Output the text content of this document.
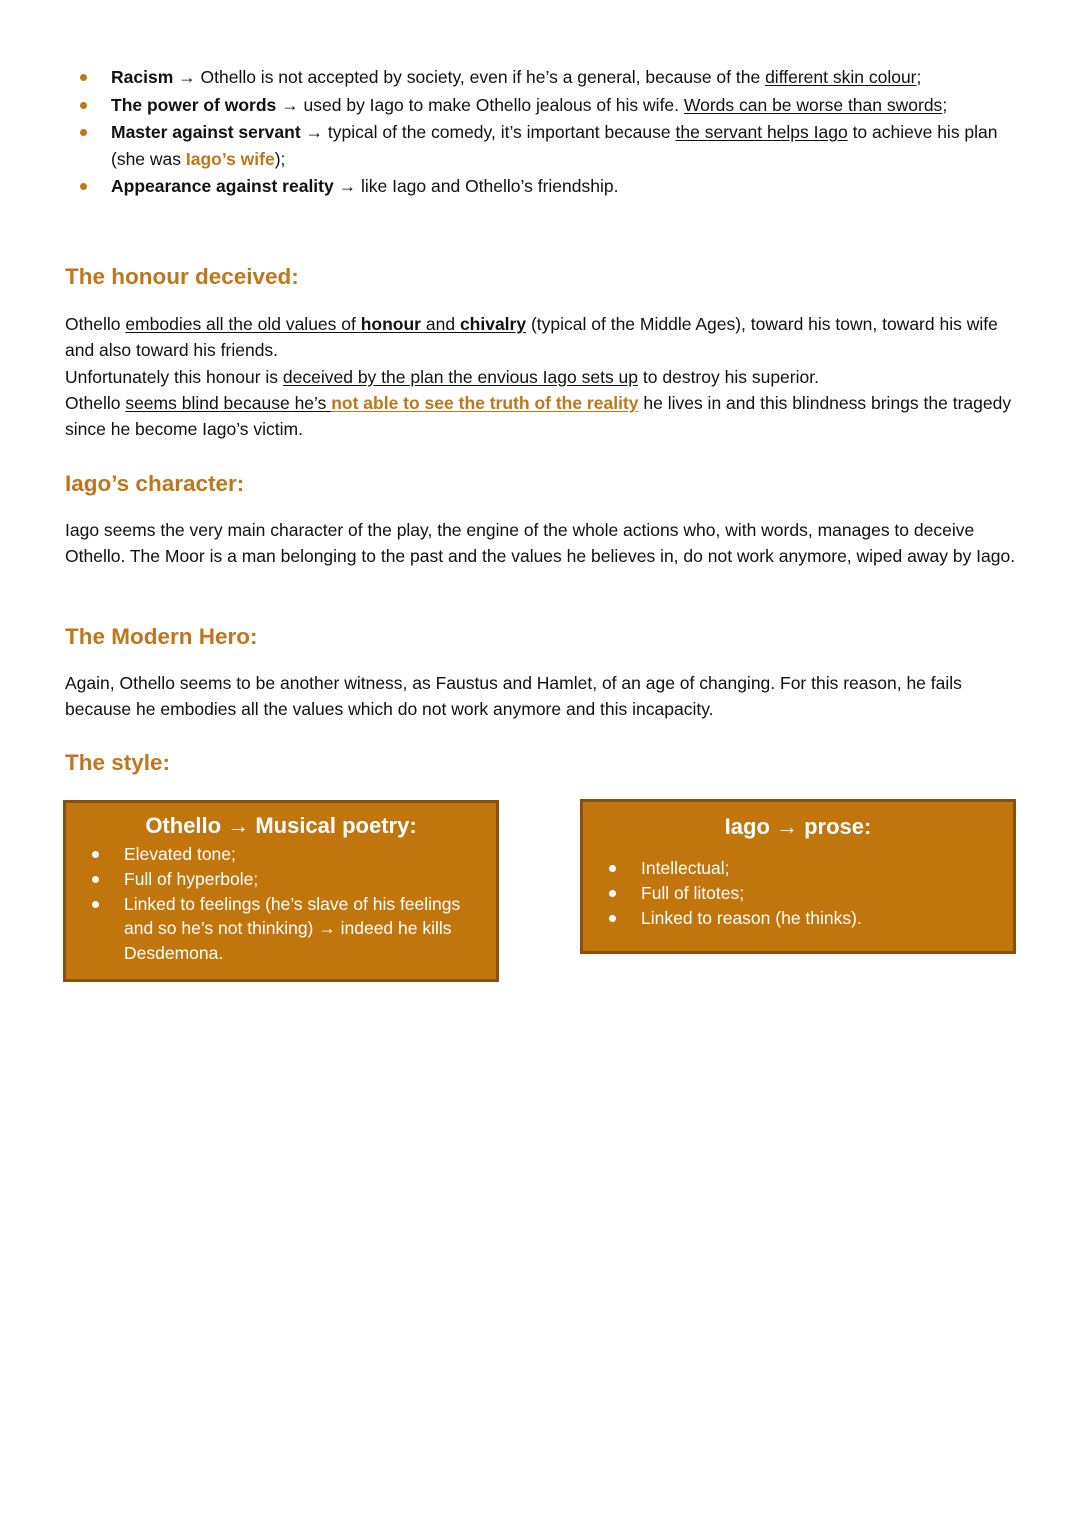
Racism → Othello is not accepted by society, even if he’s a general, because of the different skin colour;
The power of words → used by Iago to make Othello jealous of his wife. Words can be worse than swords;
Master against servant → typical of the comedy, it’s important because the servant helps Iago to achieve his plan (she was Iago’s wife);
Appearance against reality → like Iago and Othello’s friendship.
The honour deceived:

Othello embodies all the old values of honour and chivalry (typical of the Middle Ages), toward his town, toward his wife and also toward his friends.

Unfortunately this honour is deceived by the plan the envious Iago sets up to destroy his superior.

Othello seems blind because he’s not able to see the truth of the reality he lives in and this blindness brings the tragedy since he become Iago’s victim.

Iago’s character:

Iago seems the very main character of the play, the engine of the whole actions who, with words, manages to deceive Othello. The Moor is a man belonging to the past and the values he believes in, do not work anymore, wiped away by Iago.

The Modern Hero:

Again, Othello seems to be another witness, as Faustus and Hamlet, of an age of changing. For this reason, he fails because he embodies all the values which do not work anymore and this incapacity.

The style:

Othello → Musical poetry:

Elevated tone;
Full of hyperbole;
Linked to feelings (he’s slave of his feelings and so he’s not thinking) → indeed he kills Desdemona.

Iago → prose:

Intellectual;
Full of litotes;
Linked to reason (he thinks).
